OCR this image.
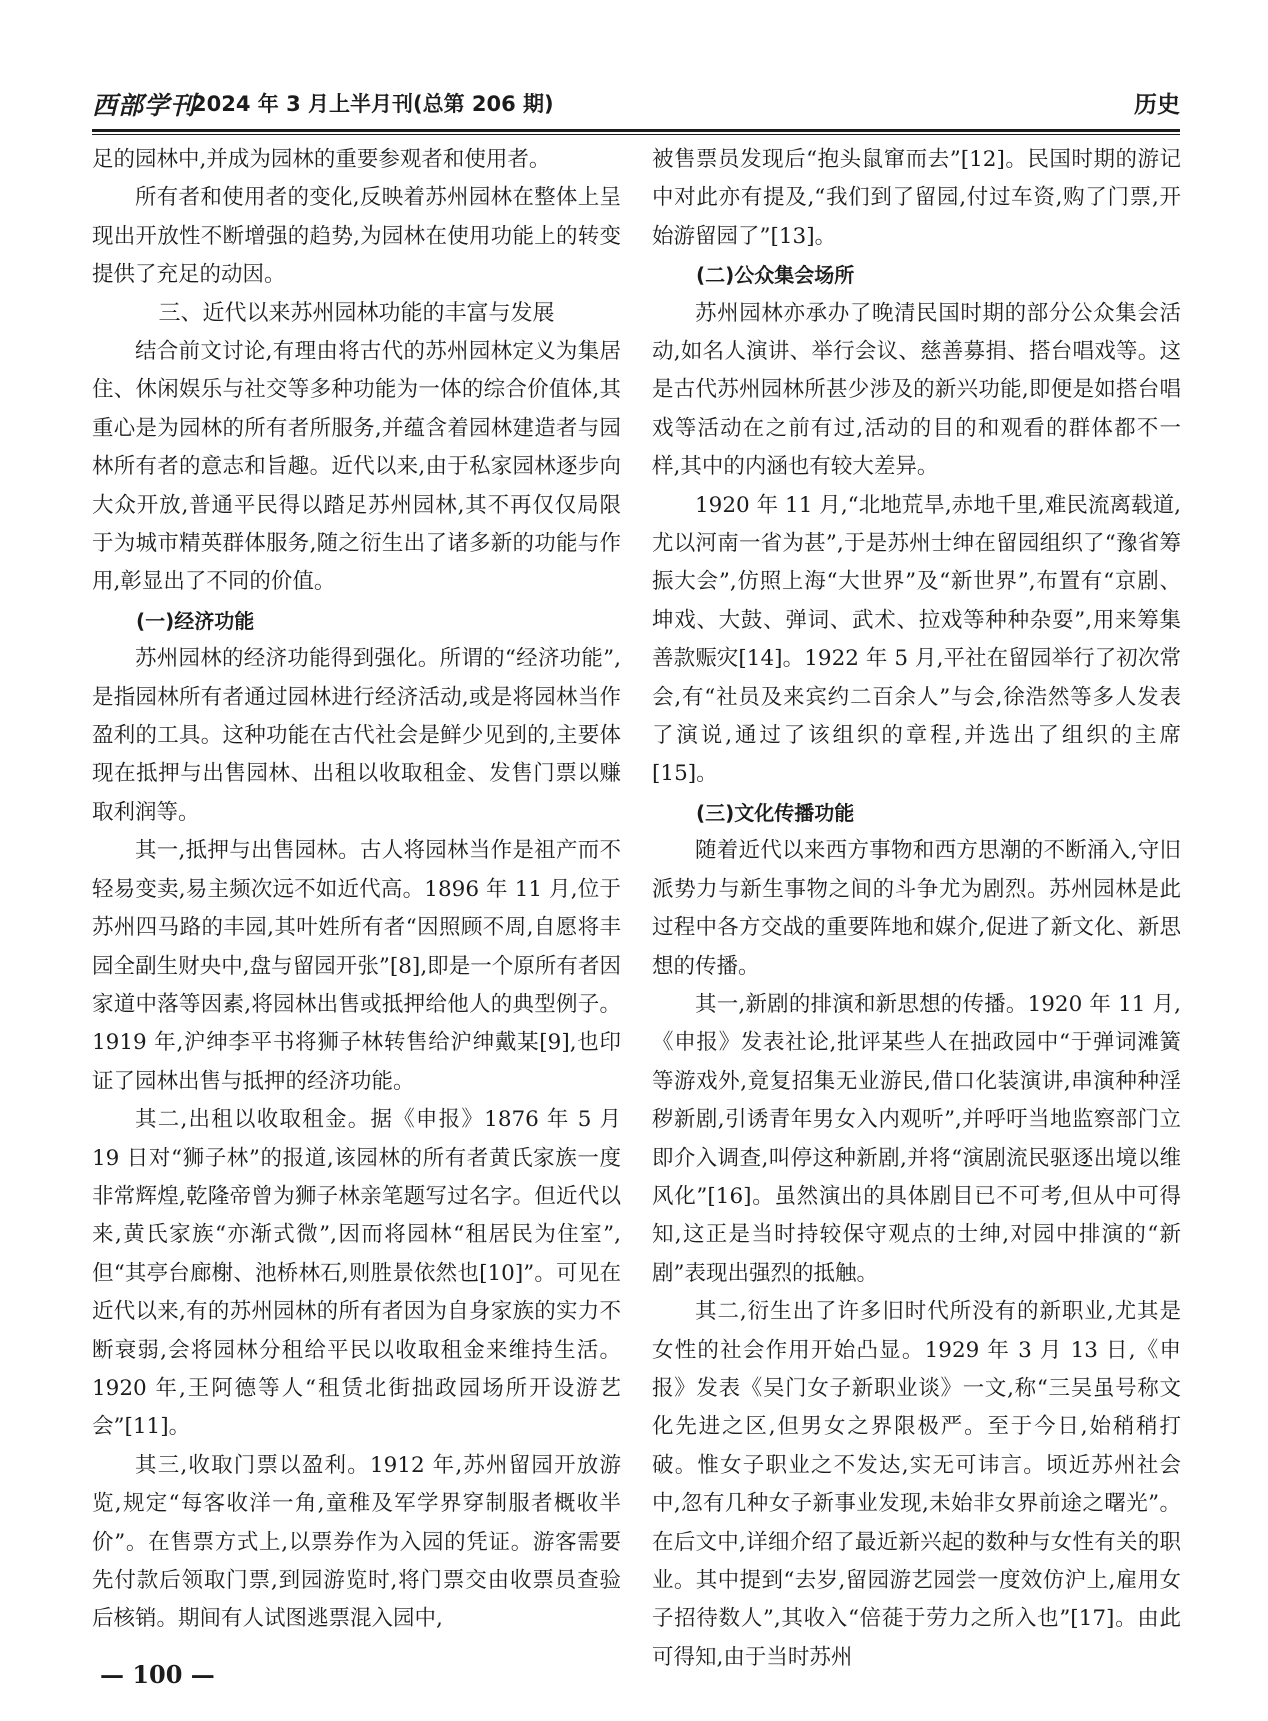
西部学刊
2024 年 3 月上半月刊(总第 206 期)	历史

足的园林中,并成为园林的重要参观者和使用者。

所有者和使用者的变化,反映着苏州园林在整体上呈现出开放性不断增强的趋势,为园林在使用功能上的转变提供了充足的动因。

三、近代以来苏州园林功能的丰富与发展

结合前文讨论,有理由将古代的苏州园林定义为集居住、休闲娱乐与社交等多种功能为一体的综合价值体,其重心是为园林的所有者所服务,并蕴含着园林建造者与园林所有者的意志和旨趣。近代以来,由于私家园林逐步向大众开放,普通平民得以踏足苏州园林,其不再仅仅局限于为城市精英群体服务,随之衍生出了诸多新的功能与作用,彰显出了不同的价值。

(一)经济功能

苏州园林的经济功能得到强化。所谓的“经济功能”,是指园林所有者通过园林进行经济活动,或是将园林当作盈利的工具。这种功能在古代社会是鲜少见到的,主要体现在抵押与出售园林、出租以收取租金、发售门票以赚取利润等。

其一,抵押与出售园林。古人将园林当作是祖产而不轻易变卖,易主频次远不如近代高。1896 年 11 月,位于苏州四马路的丰园,其叶姓所有者“因照顾不周,自愿将丰园全副生财央中,盘与留园开张”[8],即是一个原所有者因家道中落等因素,将园林出售或抵押给他人的典型例子。1919 年,沪绅李平书将狮子林转售给沪绅戴某[9],也印证了园林出售与抵押的经济功能。

其二,出租以收取租金。据《申报》1876 年 5 月 19 日对“狮子林”的报道,该园林的所有者黄氏家族一度非常辉煌,乾隆帝曾为狮子林亲笔题写过名字。但近代以来,黄氏家族“亦渐式微”,因而将园林“租居民为住室”,但“其亭台廊榭、池桥林石,则胜景依然也[10]”。可见在近代以来,有的苏州园林的所有者因为自身家族的实力不断衰弱,会将园林分租给平民以收取租金来维持生活。1920 年,王阿德等人“租赁北街拙政园场所开设游艺会”[11]。

其三,收取门票以盈利。1912 年,苏州留园开放游览,规定“每客收洋一角,童稚及军学界穿制服者概收半价”。在售票方式上,以票券作为入园的凭证。游客需要先付款后领取门票,到园游览时,将门票交由收票员查验后核销。期间有人试图逃票混入园中,

被售票员发现后“抱头鼠窜而去”[12]。民国时期的游记中对此亦有提及,“我们到了留园,付过车资,购了门票,开始游留园了”[13]。

(二)公众集会场所

苏州园林亦承办了晚清民国时期的部分公众集会活动,如名人演讲、举行会议、慈善募捐、搭台唱戏等。这是古代苏州园林所甚少涉及的新兴功能,即便是如搭台唱戏等活动在之前有过,活动的目的和观看的群体都不一样,其中的内涵也有较大差异。

1920 年 11 月,“北地荒旱,赤地千里,难民流离载道,尤以河南一省为甚”,于是苏州士绅在留园组织了“豫省筹振大会”,仿照上海“大世界”及“新世界”,布置有“京剧、坤戏、大鼓、弹词、武术、拉戏等种种杂耍”,用来筹集善款赈灾[14]。1922 年 5 月,平社在留园举行了初次常会,有“社员及来宾约二百余人”与会,徐浩然等多人发表了演说,通过了该组织的章程,并选出了组织的主席[15]。

(三)文化传播功能

随着近代以来西方事物和西方思潮的不断涌入,守旧派势力与新生事物之间的斗争尤为剧烈。苏州园林是此过程中各方交战的重要阵地和媒介,促进了新文化、新思想的传播。

其一,新剧的排演和新思想的传播。1920 年 11 月,《申报》发表社论,批评某些人在拙政园中“于弹词滩簧等游戏外,竟复招集无业游民,借口化装演讲,串演种种淫秽新剧,引诱青年男女入内观听”,并呼吁当地监察部门立即介入调查,叫停这种新剧,并将“演剧流民驱逐出境以维风化”[16]。虽然演出的具体剧目已不可考,但从中可得知,这正是当时持较保守观点的士绅,对园中排演的“新剧”表现出强烈的抵触。

其二,衍生出了许多旧时代所没有的新职业,尤其是女性的社会作用开始凸显。1929 年 3 月 13 日,《申报》发表《吴门女子新职业谈》一文,称“三吴虽号称文化先进之区,但男女之界限极严。至于今日,始稍稍打破。惟女子职业之不发达,实无可讳言。顷近苏州社会中,忽有几种女子新事业发现,未始非女界前途之曙光”。在后文中,详细介绍了最近新兴起的数种与女性有关的职业。其中提到“去岁,留园游艺园尝一度效仿沪上,雇用女子招待数人”,其收入“倍蓰于劳力之所入也”[17]。由此可得知,由于当时苏州

— 100 —
